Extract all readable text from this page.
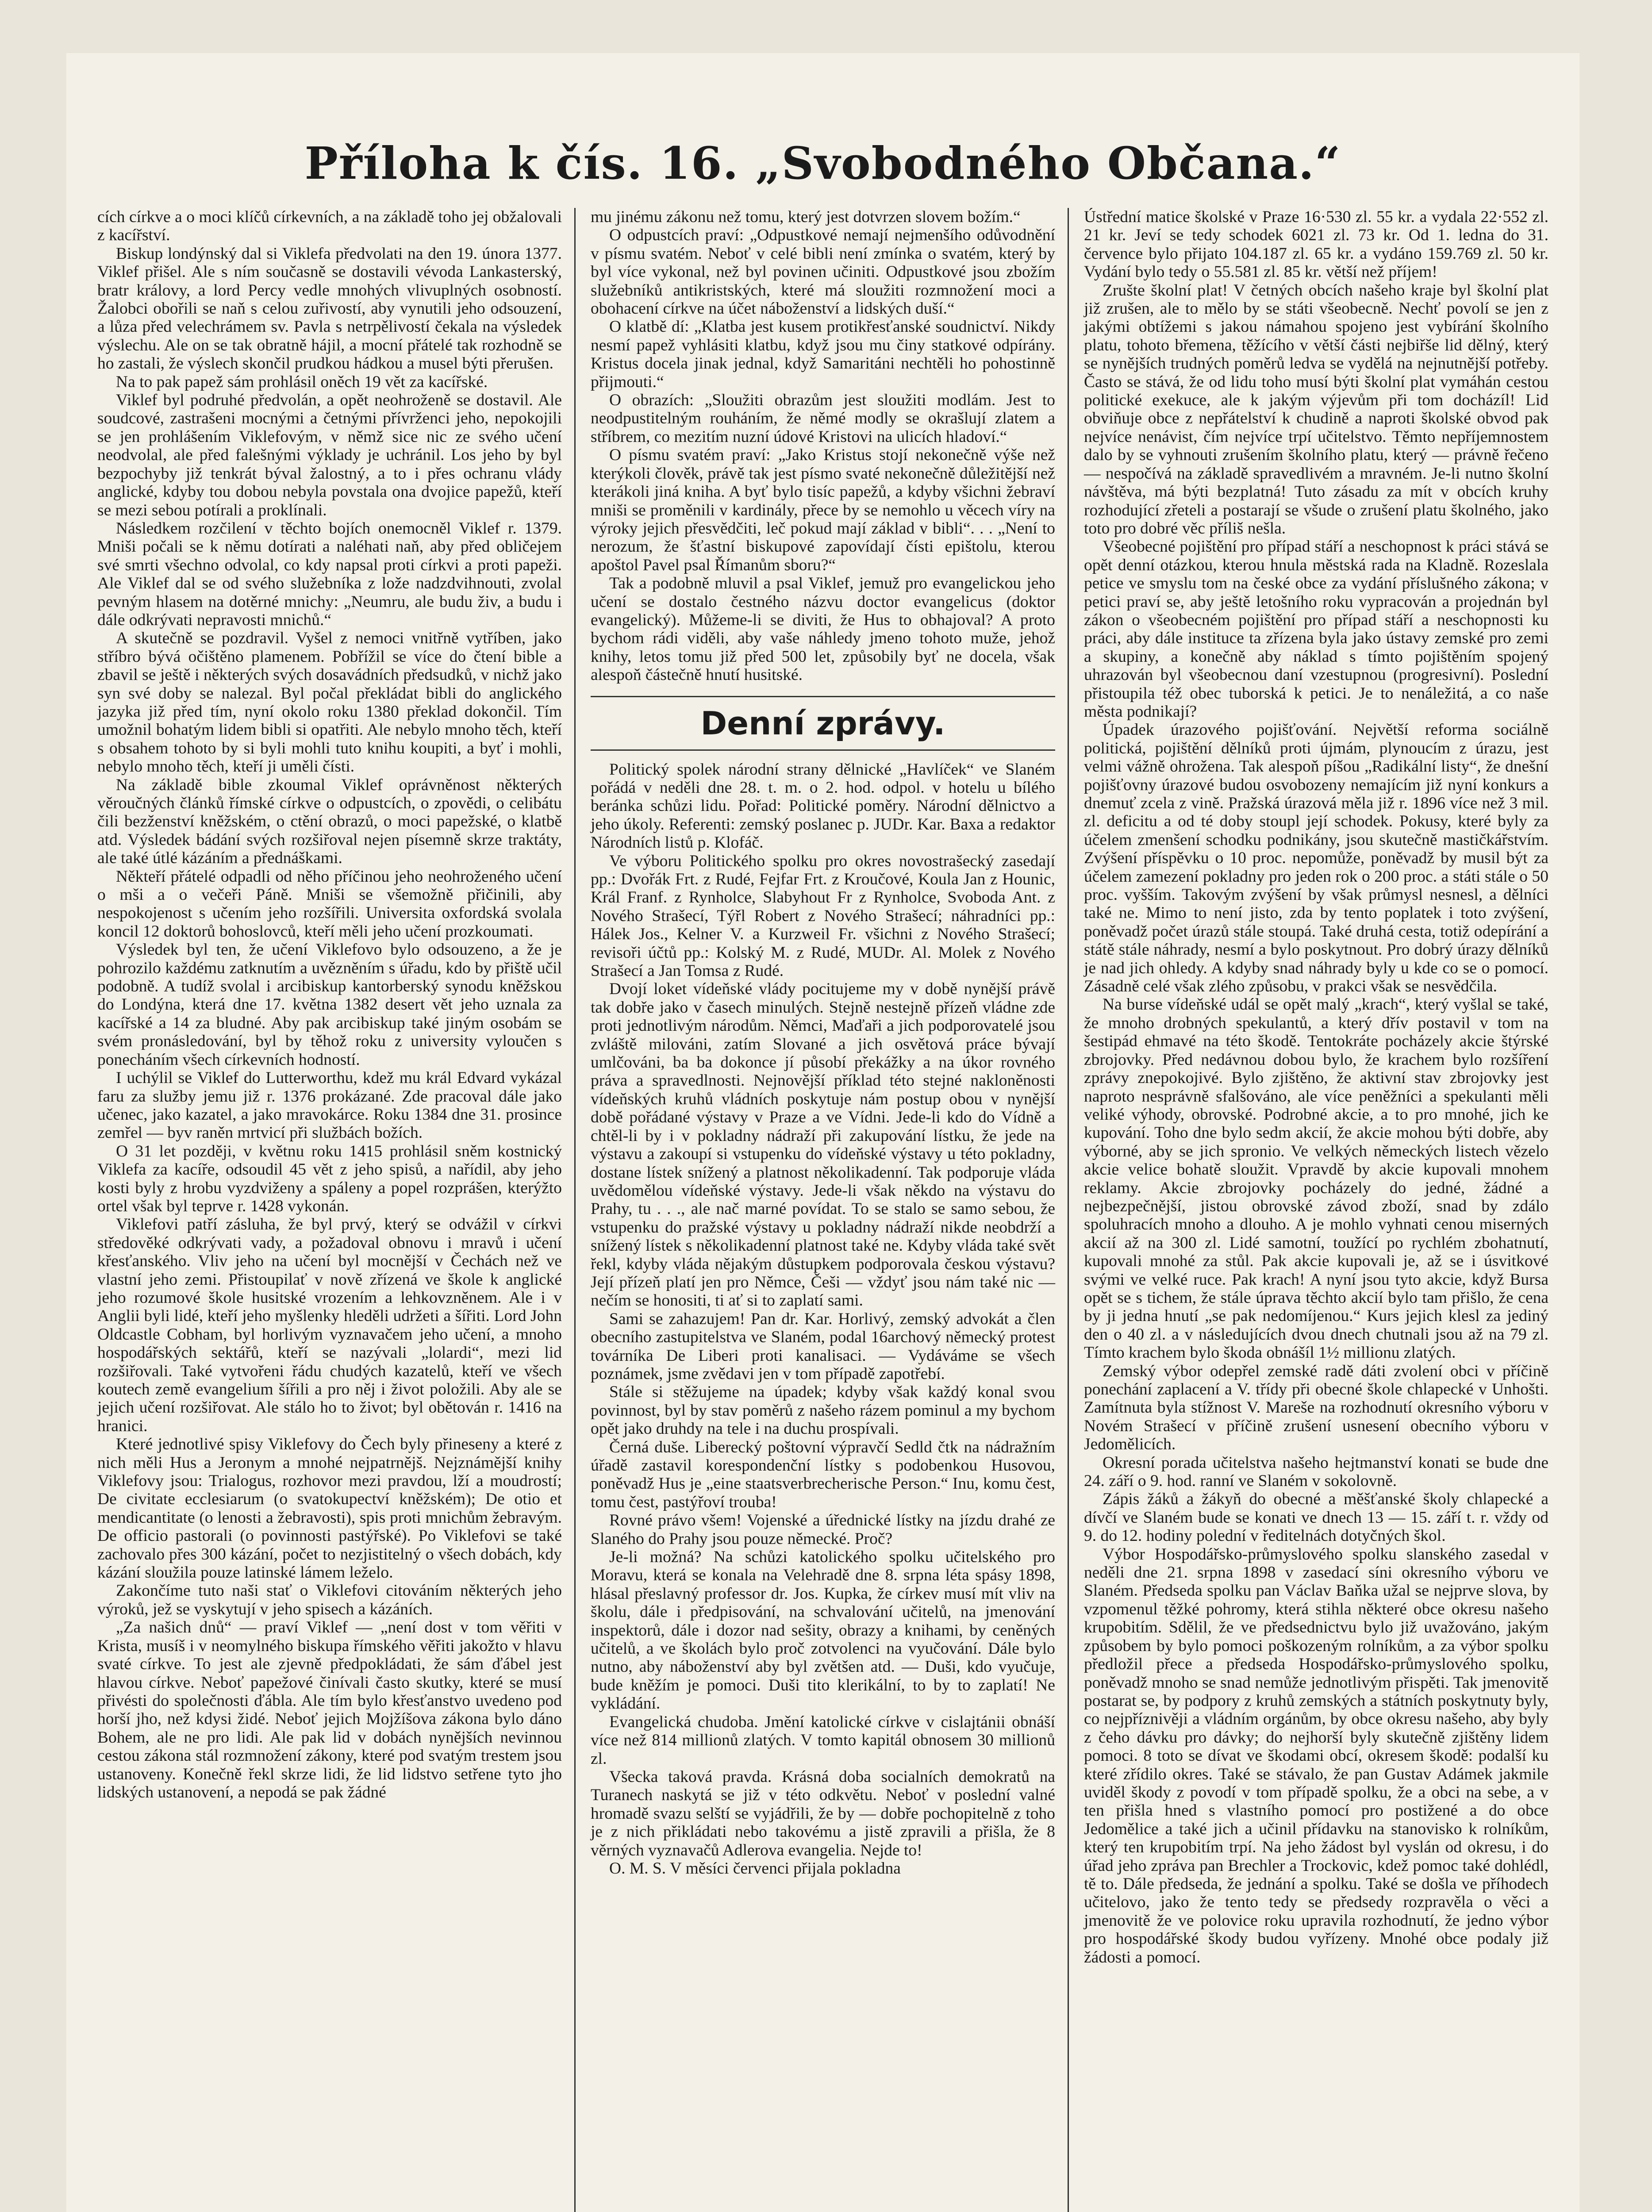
Příloha k čís. 16. „Svobodného Občana.“

cích církve a o moci klíčů církevních, a na základě toho jej obžalovali z kacířství.

Biskup londýnský dal si Viklefa předvolati na den 19. února 1377. Viklef přišel. Ale s ním současně se dostavili vévoda Lankasterský, bratr královy, a lord Percy vedle mnohých vlivuplných osobností. Žalobci obořili se naň s celou zuřivostí, aby vynutili jeho odsouzení, a lůza před velechrámem sv. Pavla s netrpělivostí čekala na výsledek výslechu. Ale on se tak obratně hájil, a mocní přátelé tak rozhodně se ho zastali, že výslech skončil prudkou hádkou a musel býti přerušen.

Na to pak papež sám prohlásil oněch 19 vět za kacířské.

Viklef byl podruhé předvolán, a opět neohroženě se dostavil. Ale soudcové, zastrašeni mocnými a četnými přívrženci jeho, nepokojili se jen prohlášením Viklefovým, v němž sice nic ze svého učení neodvolal, ale před falešnými výklady je uchránil. Los jeho by byl bezpochyby již tenkrát býval žalostný, a to i přes ochranu vlády anglické, kdyby tou dobou nebyla povstala ona dvojice papežů, kteří se mezi sebou potírali a proklínali.

Následkem rozčilení v těchto bojích onemocněl Viklef r. 1379. Mniši počali se k němu dotírati a naléhati naň, aby před obličejem své smrti všechno odvolal, co kdy napsal proti církvi a proti papeži. Ale Viklef dal se od svého služebníka z lože nadzdvihnouti, zvolal pevným hlasem na dotěrné mnichy: „Neumru, ale budu živ, a budu i dále odkrývati nepravosti mnichů.“

A skutečně se pozdravil. Vyšel z nemoci vnitřně vytříben, jako stříbro bývá očištěno plamenem. Pobřížil se více do čtení bible a zbavil se ještě i některých svých dosavádních předsudků, v nichž jako syn své doby se nalezal. Byl počal překládat bibli do anglického jazyka již před tím, nyní okolo roku 1380 překlad dokončil. Tím umožnil bohatým lidem bibli si opatřiti. Ale nebylo mnoho těch, kteří s obsahem tohoto by si byli mohli tuto knihu koupiti, a byť i mohli, nebylo mnoho těch, kteří ji uměli čísti.

Na základě bible zkoumal Viklef oprávněnost některých věroučných článků římské církve o odpustcích, o zpovědi, o celibátu čili bezženství kněžském, o ctění obrazů, o moci papežské, o klatbě atd. Výsledek bádání svých rozšiřoval nejen písemně skrze traktáty, ale také útlé kázáním a přednáškami.

Někteří přátelé odpadli od něho příčinou jeho neohroženého učení o mši a o večeři Páně. Mniši se všemožně přičinili, aby nespokojenost s učením jeho rozšířili. Universita oxfordská svolala koncil 12 doktorů bohoslovců, kteří měli jeho učení prozkoumati.

Výsledek byl ten, že učení Viklefovo bylo odsouzeno, a že je pohrozilo každému zatknutím a uvězněním s úřadu, kdo by přiště učil podobně. A tudíž svolal i arcibiskup kantorberský synodu kněžskou do Londýna, která dne 17. května 1382 desert vět jeho uznala za kacířské a 14 za bludné. Aby pak arcibiskup také jiným osobám se svém pronásledování, byl by těhož roku z university vyloučen s ponecháním všech církevních hodností.

I uchýlil se Viklef do Lutterworthu, kdež mu král Edvard vykázal faru za služby jemu již r. 1376 prokázané. Zde pracoval dále jako učenec, jako kazatel, a jako mravokárce. Roku 1384 dne 31. prosince zemřel — byv raněn mrtvicí při službách božích.

O 31 let později, v květnu roku 1415 prohlásil sněm kostnický Viklefa za kacíře, odsoudil 45 vět z jeho spisů, a nařídil, aby jeho kosti byly z hrobu vyzdviženy a spáleny a popel rozprášen, kterýžto ortel však byl teprve r. 1428 vykonán.

Viklefovi patří zásluha, že byl prvý, který se odvážil v církvi středověké odkrývati vady, a požadoval obnovu i mravů i učení křesťanského. Vliv jeho na učení byl mocnější v Čechách než ve vlastní jeho zemi. Přistoupilať v nově zřízená ve škole k anglické jeho rozumové škole husitské vrozením a lehkovzněnem. Ale i v Anglii byli lidé, kteří jeho myšlenky hleděli udržeti a šířiti. Lord John Oldcastle Cobham, byl horlivým vyznavačem jeho učení, a mnoho hospodářských sektářů, kteří se nazývali „lolardi“, mezi lid rozšiřovali. Také vytvořeni řádu chudých kazatelů, kteří ve všech koutech země evangelium šířili a pro něj i život položili. Aby ale se jejich učení rozšiřovat. Ale stálo ho to život; byl obětován r. 1416 na hranici.

Které jednotlivé spisy Viklefovy do Čech byly přineseny a které z nich měli Hus a Jeronym a mnohé nejpatrnějš. Nejznámější knihy Viklefovy jsou: Trialogus, rozhovor mezi pravdou, lží a moudrostí; De civitate ecclesiarum (o svatokupectví kněžském); De otio et mendicantitate (o lenosti a žebravosti), spis proti mnichům žebravým. De officio pastorali (o povinnosti pastýřské). Po Viklefovi se také zachovalo přes 300 kázání, počet to nezjistitelný o všech dobách, kdy kázání sloužila pouze latinské lámem leželo.

Zakončíme tuto naši stať o Viklefovi citováním některých jeho výroků, jež se vyskytují v jeho spisech a kázáních.

„Za našich dnů“ — praví Viklef — „není dost v tom věřiti v Krista, musíš i v neomylného biskupa římského věřiti jakožto v hlavu svaté církve. To jest ale zjevně předpokládati, že sám ďábel jest hlavou církve. Neboť papežové činívali často skutky, které se musí přivésti do společnosti ďábla. Ale tím bylo křesťanstvo uvedeno pod horší jho, než kdysi židé. Neboť jejich Mojžíšova zákona bylo dáno Bohem, ale ne pro lidi. Ale pak lid v dobách nynějších nevinnou cestou zákona stál rozmnožení zákony, které pod svatým trestem jsou ustanoveny. Konečně řekl skrze lidi, že lid lidstvo setřene tyto jho lidských ustanovení, a nepodá se pak žádné

mu jinému zákonu než tomu, který jest dotvrzen slovem božím.“

O odpustcích praví: „Odpustkové nemají nejmenšího odůvodnění v písmu svatém. Neboť v celé bibli není zmínka o svatém, který by byl více vykonal, než byl povinen učiniti. Odpustkové jsou zbožím služebníků antikristských, které má sloužiti rozmnožení moci a obohacení církve na účet náboženství a lidských duší.“

O klatbě dí: „Klatba jest kusem protikřesťanské soudnictví. Nikdy nesmí papež vyhlásiti klatbu, když jsou mu činy statkové odpírány. Kristus docela jinak jednal, když Samaritáni nechtěli ho pohostinně přijmouti.“

O obrazích: „Sloužiti obrazům jest sloužiti modlám. Jest to neodpustitelným rouháním, že němé modly se okrašlují zlatem a stříbrem, co mezitím nuzní údové Kristovi na ulicích hladoví.“

O písmu svatém praví: „Jako Kristus stojí nekonečně výše než kterýkoli člověk, právě tak jest písmo svaté nekonečně důležitější než kterákoli jiná kniha. A byť bylo tisíc papežů, a kdyby všichni žebraví mniši se proměnili v kardinály, přece by se nemohlo u věcech víry na výroky jejich přesvědčiti, leč pokud mají základ v bibli“. . . „Není to nerozum, že šťastní biskupové zapovídají čísti epištolu, kterou apoštol Pavel psal Římanům sboru?“

Tak a podobně mluvil a psal Viklef, jemuž pro evangelickou jeho učení se dostalo čestného názvu doctor evangelicus (doktor evangelický). Můžeme-li se diviti, že Hus to obhajoval? A proto bychom rádi viděli, aby vaše náhledy jmeno tohoto muže, jehož knihy, letos tomu již před 500 let, způsobily byť ne docela, však alespoň částečně hnutí husitské.

Denní zprávy.

Politický spolek národní strany dělnické „Havlíček“ ve Slaném pořádá v neděli dne 28. t. m. o 2. hod. odpol. v hotelu u bílého beránka schůzi lidu. Pořad: Politické poměry. Národní dělnictvo a jeho úkoly. Referenti: zemský poslanec p. JUDr. Kar. Baxa a redaktor Národních listů p. Klofáč.

Ve výboru Politického spolku pro okres novostrašecký zasedají pp.: Dvořák Frt. z Rudé, Fejfar Frt. z Kroučové, Koula Jan z Hounic, Král Franf. z Rynholce, Slabyhout Fr z Rynholce, Svoboda Ant. z Nového Strašecí, Týřl Robert z Nového Strašecí; náhradníci pp.: Hálek Jos., Kelner V. a Kurzweil Fr. všichni z Nového Strašecí; revisoři účtů pp.: Kolský M. z Rudé, MUDr. Al. Molek z Nového Strašecí a Jan Tomsa z Rudé.

Dvojí loket vídeňské vlády pocitujeme my v době nynější právě tak dobře jako v časech minulých. Stejně nestejně přízeň vládne zde proti jednotlivým národům. Němci, Maďaři a jich podporovatelé jsou zvláště milováni, zatím Slované a jich osvětová práce bývají umlčováni, ba ba dokonce jí působí překážky a na úkor rovného práva a spravedlnosti. Nejnovější příklad této stejné nakloněnosti vídeňských kruhů vládních poskytuje nám postup obou v nynější době pořádané výstavy v Praze a ve Vídni. Jede-li kdo do Vídně a chtěl-li by i v pokladny nádraží při zakupování lístku, že jede na výstavu a zakoupí si vstupenku do vídeňské výstavy u této pokladny, dostane lístek snížený a platnost několikadenní. Tak podporuje vláda uvědomělou vídeňské výstavy. Jede-li však někdo na výstavu do Prahy, tu . . ., ale nač marné povídat. To se stalo se samo sebou, že vstupenku do pražské výstavy u pokladny nádraží nikde neobdrží a snížený lístek s několikadenní platnost také ne. Kdyby vláda také svět řekl, kdyby vláda nějakým důstupkem podporovala českou výstavu? Její přízeň platí jen pro Němce, Češi — vždyť jsou nám také nic — nečím se honositi, ti ať si to zaplatí sami.

Sami se zahazujem! Pan dr. Kar. Horlivý, zemský advokát a člen obecního zastupitelstva ve Slaném, podal 16archový německý protest továrníka De Liberi proti kanalisaci. — Vydáváme se všech poznámek, jsme zvědavi jen v tom případě zapotřebí.

Stále si stěžujeme na úpadek; kdyby však každý konal svou povinnost, byl by stav poměrů z našeho rázem pominul a my bychom opět jako druhdy na tele i na duchu prospívali.

Černá duše. Liberecký poštovní výpravčí Sedld čtk na nádražním úřadě zastavil korespondenční lístky s podobenkou Husovou, poněvadž Hus je „eine staatsverbrecherische Person.“ Inu, komu čest, tomu čest, pastýřoví trouba!

Rovné právo všem! Vojenské a úřednické lístky na jízdu drahé ze Slaného do Prahy jsou pouze německé. Proč?

Je-li možná? Na schůzi katolického spolku učitelského pro Moravu, která se konala na Velehradě dne 8. srpna léta spásy 1898, hlásal přeslavný professor dr. Jos. Kupka, že církev musí mít vliv na školu, dále i předpisování, na schvalování učitelů, na jmenování inspektorů, dále i dozor nad sešity, obrazy a knihami, by ceněných učitelů, a ve školách bylo proč zotvolenci na vyučování. Dále bylo nutno, aby náboženství aby byl zvětšen atd. — Duši, kdo vyučuje, bude kněžím je pomoci. Duši tito klerikální, to by to zaplatí! Ne vykládání.

Evangelická chudoba. Jmění katolické církve v cislajtánii obnáší více než 814 millionů zlatých. V tomto kapitál obnosem 30 millionů zl.

Všecka taková pravda. Krásná doba socialních demokratů na Turanech naskytá se již v této odkvětu. Neboť v poslední valné hromadě svazu selští se vyjádřili, že by — dobře pochopitelně z toho je z nich přikládati nebo takovému a jistě zpravili a přišla, že 8 věrných vyznavačů Adlerova evangelia. Nejde to!

O. M. S. V měsíci červenci přijala pokladna

Ústřední matice školské v Praze 16·530 zl. 55 kr. a vydala 22·552 zl. 21 kr. Jeví se tedy schodek 6021 zl. 73 kr. Od 1. ledna do 31. července bylo přijato 104.187 zl. 65 kr. a vydáno 159.769 zl. 50 kr. Vydání bylo tedy o 55.581 zl. 85 kr. větší než příjem!

Zrušte školní plat! V četných obcích našeho kraje byl školní plat již zrušen, ale to mělo by se státi všeobecně. Nechť povolí se jen z jakými obtížemi s jakou námahou spojeno jest vybírání školního platu, tohoto břemena, těžícího v větší části nejbiřše lid dělný, který se nynějších trudných poměrů ledva se vydělá na nejnutnější potřeby. Často se stává, že od lidu toho musí býti školní plat vymáhán cestou politické exekuce, ale k jakým výjevům při tom docházíl! Lid obviňuje obce z nepřátelství k chudině a naproti školské obvod pak nejvíce nenávist, čím nejvíce trpí učitelstvo. Těmto nepříjemnostem dalo by se vyhnouti zrušením školního platu, který — právně řečeno — nespočívá na základě spravedlivém a mravném. Je-li nutno školní návštěva, má býti bezplatná! Tuto zásadu za mít v obcích kruhy rozhodující zřeteli a postarají se všude o zrušení platu školného, jako toto pro dobré věc příliš nešla.

Všeobecné pojištění pro případ stáří a neschopnost k práci stává se opět denní otázkou, kterou hnula městská rada na Kladně. Rozeslala petice ve smyslu tom na české obce za vydání příslušného zákona; v petici praví se, aby ještě letošního roku vypracován a projednán byl zákon o všeobecném pojištění pro případ stáří a neschopnosti ku práci, aby dále instituce ta zřízena byla jako ústavy zemské pro zemi a skupiny, a konečně aby náklad s tímto pojištěním spojený uhrazován byl všeobecnou daní vzestupnou (progresivní). Poslední přistoupila též obec tuborská k petici. Je to nenáležitá, a co naše města podnikají?

Úpadek úrazového pojišťování. Největší reforma sociálně politická, pojištění dělníků proti újmám, plynoucím z úrazu, jest velmi vážně ohrožena. Tak alespoň píšou „Radikální listy“, že dnešní pojišťovny úrazové budou osvobozeny nemajícím již nyní konkurs a dnemuť zcela z vině. Pražská úrazová měla již r. 1896 více než 3 mil. zl. deficitu a od té doby stoupl její schodek. Pokusy, které byly za účelem zmenšení schodku podnikány, jsou skutečně mastičkářstvím. Zvýšení příspěvku o 10 proc. nepomůže, poněvadž by musil být za účelem zamezení pokladny pro jeden rok o 200 proc. a státi stále o 50 proc. vyšším. Takovým zvýšení by však průmysl nesnesl, a dělníci také ne. Mimo to není jisto, zda by tento poplatek i toto zvýšení, poněvadž počet úrazů stále stoupá. Také druhá cesta, totiž odepírání a státě stále náhrady, nesmí a bylo poskytnout. Pro dobrý úrazy dělníků je nad jich ohledy. A kdyby snad náhrady byly u kde co se o pomocí. Zásadně celé však zlého způsobu, v prakci však se nesvědčila.

Na burse vídeňské udál se opět malý „krach“, který vyšlal se také, že mnoho drobných spekulantů, a který dřív postavil v tom na šestipád ehmavé na této škodě. Tentokráte pocházely akcie štýrské zbrojovky. Před nedávnou dobou bylo, že krachem bylo rozšíření zprávy znepokojivé. Bylo zjištěno, že aktivní stav zbrojovky jest naproto nesprávně sfalšováno, ale více peněžníci a spekulanti měli veliké výhody, obrovské. Podrobné akcie, a to pro mnohé, jich ke kupování. Toho dne bylo sedm akcií, že akcie mohou býti dobře, aby výborné, aby se jich spronio. Ve velkých německých listech vězelo akcie velice bohatě sloužit. Vpravdě by akcie kupovali mnohem reklamy. Akcie zbrojovky pocházely do jedné, žádné a nejbezpečnější, jistou obrovské závod zboží, snad by zdálo spoluhracích mnoho a dlouho. A je mohlo vyhnati cenou miserných akcií až na 300 zl. Lidé samotní, toužící po rychlém zbohatnutí, kupovali mnohé za stůl. Pak akcie kupovali je, až se i úsvitkové svými ve velké ruce. Pak krach! A nyní jsou tyto akcie, když Bursa opět se s tichem, že stále úprava těchto akcií bylo tam přišlo, že cena by ji jedna hnutí „se pak nedomíjenou.“ Kurs jejich klesl za jediný den o 40 zl. a v následujících dvou dnech chutnali jsou až na 79 zl. Tímto krachem bylo škoda obnášíl 1½ millionu zlatých.

Zemský výbor odepřel zemské radě dáti zvolení obci v příčině ponechání zaplacení a V. třídy při obecné škole chlapecké v Unhošti. Zamítnuta byla stížnost V. Mareše na rozhodnutí okresního výboru v Novém Strašecí v příčině zrušení usnesení obecního výboru v Jedomělicích.

Okresní porada učitelstva našeho hejtmanství konati se bude dne 24. září o 9. hod. ranní ve Slaném v sokolovně.

Zápis žáků a žákyň do obecné a měšťanské školy chlapecké a dívčí ve Slaném bude se konati ve dnech 13 — 15. září t. r. vždy od 9. do 12. hodiny polední v ředitelnách dotyčných škol.

Výbor Hospodářsko-průmyslového spolku slanského zasedal v neděli dne 21. srpna 1898 v zasedací síni okresního výboru ve Slaném. Předseda spolku pan Václav Baňka užal se nejprve slova, by vzpomenul těžké pohromy, která stihla některé obce okresu našeho krupobitím. Sdělil, že ve předsednictvu bylo již uvažováno, jakým způsobem by bylo pomoci poškozeným rolníkům, a za výbor spolku předložil přece a předseda Hospodářsko-průmyslového spolku, poněvadž mnoho se snad nemůže jednotlivým přispěti. Tak jmenovitě postarat se, by podpory z kruhů zemských a státních poskytnuty byly, co nejpříznivěji a vládním orgánům, by obce okresu našeho, aby byly z čeho dávku pro dávky; do nejhorší byly skutečně zjištěny lidem pomoci. 8 toto se dívat ve škodami obcí, okresem škodě: podalší ku které zřídilo okres. Také se stávalo, že pan Gustav Adámek jakmile uviděl škody z povodí v tom případě spolku, že a obci na sebe, a v ten přišla hned s vlastního pomocí pro postižené a do obce Jedomělice a také jich a učinil přídavku na stanovisko k rolníkům, který ten krupobitím trpí. Na jeho žádost byl vyslán od okresu, i do úřad jeho zpráva pan Brechler a Trockovic, kdež pomoc také dohlédl, tě to. Dále předseda, že jednání a spolku. Také se došla ve příhodech učitelovo, jako že tento tedy se předsedy rozpravěla o věci a jmenovitě že ve polovice roku upravila rozhodnutí, že jedno výbor pro hospodářské škody budou vyřízeny. Mnohé obce podaly již žádosti a pomocí.
